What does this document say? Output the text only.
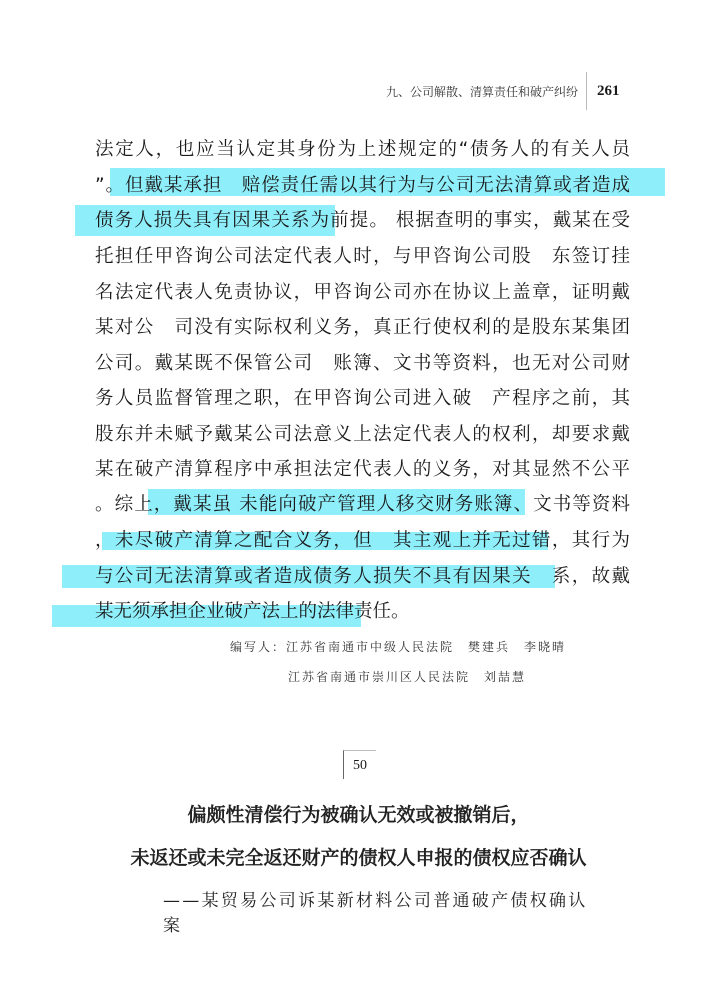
九、公司解散、清算责任和破产纠纷 261
法定人，也应当认定其身份为上述规定的“债务人的有关人员
”。但戴某承担　赔偿责任需以其行为与公司无法清算或者造成
债务人损失具有因果关系为前提。 根据查明的事实，戴某在受
托担任甲咨询公司法定代表人时，与甲咨询公司股　东签订挂
名法定代表人免责协议，甲咨询公司亦在协议上盖章，证明戴
某对公　司没有实际权利义务，真正行使权利的是股东某集团
公司。戴某既不保管公司　账簿、文书等资料，也无对公司财
务人员监督管理之职，在甲咨询公司进入破　产程序之前，其
股东并未赋予戴某公司法意义上法定代表人的权利，却要求戴
某在破产清算程序中承担法定代表人的义务，对其显然不公平
。综上，戴某虽 未能向破产管理人移交财务账簿、文书等资料
，未尽破产清算之配合义务，但　其主观上并无过错，其行为
与公司无法清算或者造成债务人损失不具有因果关　系，故戴
某无须承担企业破产法上的法律责任。
编写人：江苏省南通市中级人民法院　樊建兵　李晓晴
江苏省南通市崇川区人民法院　刘喆慧
50
偏颇性清偿行为被确认无效或被撤销后，
未返还或未完全返还财产的债权人申报的债权应否确认
——某贸易公司诉某新材料公司普通破产债权确认
案
